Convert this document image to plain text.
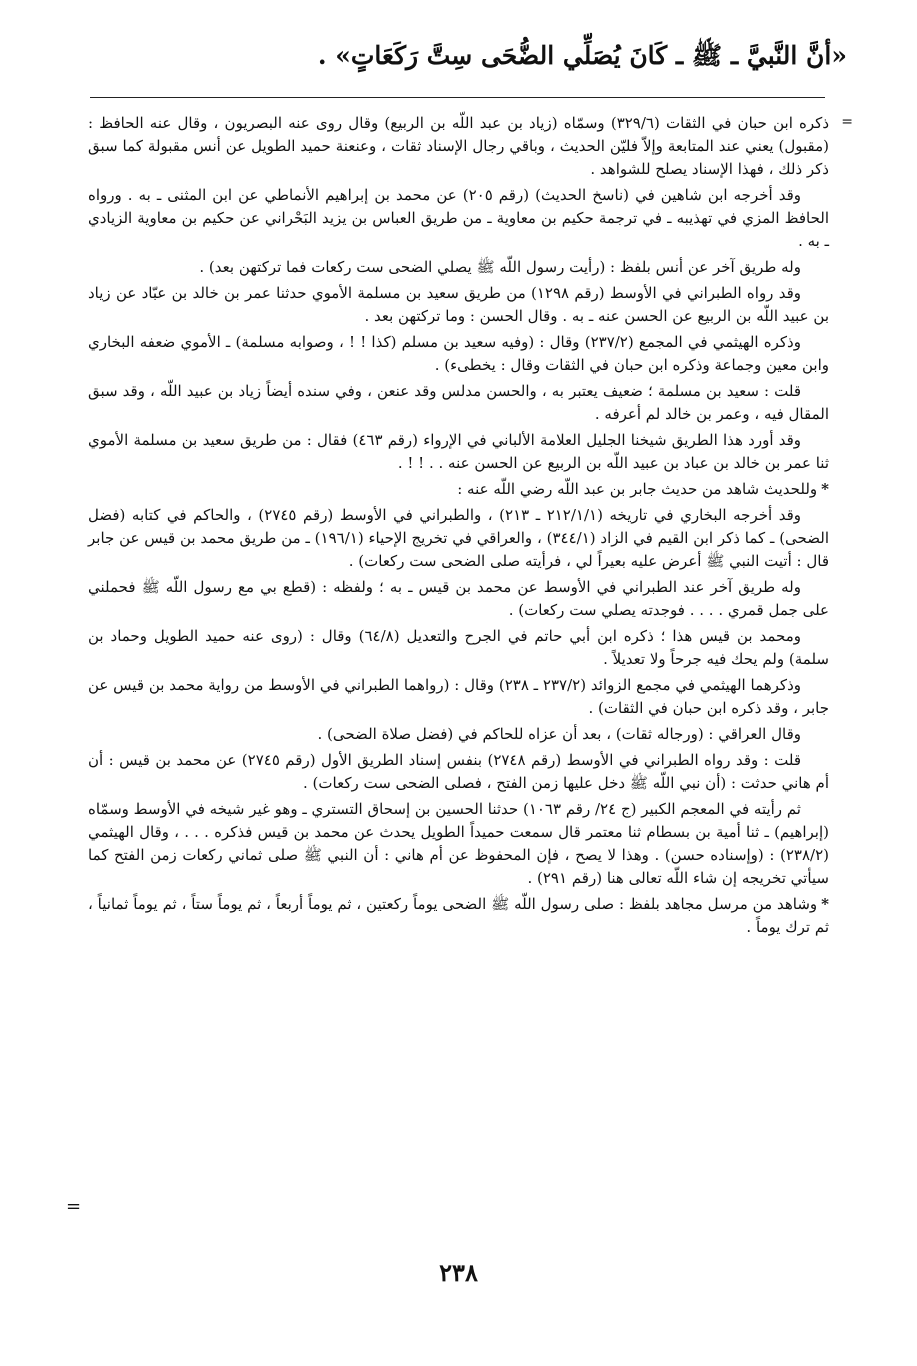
«أنَّ النَّبيَّ ـ ﷺ ـ كَانَ يُصَلِّي الضُّحَى سِتَّ رَكَعَاتٍ» .
=

ذكره ابن حبان في الثقات (٣٢٩/٦) وسمّاه (زياد بن عبد اللّه بن الربيع) وقال روى عنه البصريون ، وقال عنه الحافظ : (مقبول) يعني عند المتابعة وإلاّ فليّن الحديث ، وباقي رجال الإسناد ثقات ، وعنعنة حميد الطويل عن أنس مقبولة كما سبق ذكر ذلك ، فهذا الإسناد يصلح للشواهد .

وقد أخرجه ابن شاهين في (ناسخ الحديث) (رقم ٢٠٥) عن محمد بن إبراهيم الأنماطي عن ابن المثنى ـ به . ورواه الحافظ المزي في تهذيبه ـ في ترجمة حكيم بن معاوية ـ من طريق العباس بن يزيد البَحْراني عن حكيم بن معاوية الزيادي ـ به .

وله طريق آخر عن أنس بلفظ : (رأيت رسول اللّه ﷺ يصلي الضحى ست ركعات فما تركتهن بعد) .

وقد رواه الطبراني في الأوسط (رقم ١٢٩٨) من طريق سعيد بن مسلمة الأموي حدثنا عمر بن خالد بن عبّاد عن زياد بن عبيد اللّه بن الربيع عن الحسن عنه ـ به . وقال الحسن : وما تركتهن بعد .

وذكره الهيثمي في المجمع (٢٣٧/٢) وقال : (وفيه سعيد بن مسلم (كذا ! ! ، وصوابه مسلمة) ـ الأموي ضعفه البخاري وابن معين وجماعة وذكره ابن حبان في الثقات وقال : يخطىء) .

قلت : سعيد بن مسلمة ؛ ضعيف يعتبر به ، والحسن مدلس وقد عنعن ، وفي سنده أيضاً زياد بن عبيد اللّه ، وقد سبق المقال فيه ، وعمر بن خالد لم أعرفه .

وقد أورد هذا الطريق شيخنا الجليل العلامة الألباني في الإرواء (رقم ٤٦٣) فقال : من طريق سعيد بن مسلمة الأموي ثنا عمر بن خالد بن عباد بن عبيد اللّه بن الربيع عن الحسن عنه . . ! ! .

*وللحديث شاهد من حديث جابر بن عبد اللّه رضي اللّه عنه :

وقد أخرجه البخاري في تاريخه (٢١٢/١/١ ـ ٢١٣) ، والطبراني في الأوسط (رقم ٢٧٤٥) ، والحاكم في كتابه (فضل الضحى) ـ كما ذكر ابن القيم في الزاد (٣٤٤/١) ، والعراقي في تخريج الإحياء (١٩٦/١) ـ من طريق محمد بن قيس عن جابر قال : أتيت النبي ﷺ أعرض عليه بعيراً لي ، فرأيته صلى الضحى ست ركعات) .

وله طريق آخر عند الطبراني في الأوسط عن محمد بن قيس ـ به ؛ ولفظه : (قطع بي مع رسول اللّه ﷺ فحملني على جمل قمري . . . . فوجدته يصلي ست ركعات) .

ومحمد بن قيس هذا ؛ ذكره ابن أبي حاتم في الجرح والتعديل (٦٤/٨) وقال : (روى عنه حميد الطويل وحماد بن سلمة) ولم يحك فيه جرحاً ولا تعديلاً .

وذكرهما الهيثمي في مجمع الزوائد (٢٣٧/٢ ـ ٢٣٨) وقال : (رواهما الطبراني في الأوسط من رواية محمد بن قيس عن جابر ، وقد ذكره ابن حبان في الثقات) .

وقال العراقي : (ورجاله ثقات) ، بعد أن عزاه للحاكم في (فضل صلاة الضحى) .

قلت : وقد رواه الطبراني في الأوسط (رقم ٢٧٤٨) بنفس إسناد الطريق الأول (رقم ٢٧٤٥) عن محمد بن قيس : أن أم هاني حدثت : (أن نبي اللّه ﷺ دخل عليها زمن الفتح ، فصلى الضحى ست ركعات) .

ثم رأيته في المعجم الكبير (ج ٢٤/ رقم ١٠٦٣) حدثنا الحسين بن إسحاق التستري ـ وهو غير شيخه في الأوسط وسمّاه (إبراهيم) ـ ثنا أمية بن بسطام ثنا معتمر قال سمعت حميداً الطويل يحدث عن محمد بن قيس فذكره . . . ، وقال الهيثمي (٢٣٨/٢) : (وإسناده حسن) . وهذا لا يصح ، فإن المحفوظ عن أم هاني : أن النبي ﷺ صلى ثماني ركعات زمن الفتح كما سيأتي تخريجه إن شاء اللّه تعالى هنا (رقم ٢٩١) .

*وشاهد من مرسل مجاهد بلفظ : صلى رسول اللّه ﷺ الضحى يوماً ركعتين ، ثم يوماً أربعاً ، ثم يوماً ستاً ، ثم يوماً ثمانياً ، ثم ترك يوماً .

=
٢٣٨
